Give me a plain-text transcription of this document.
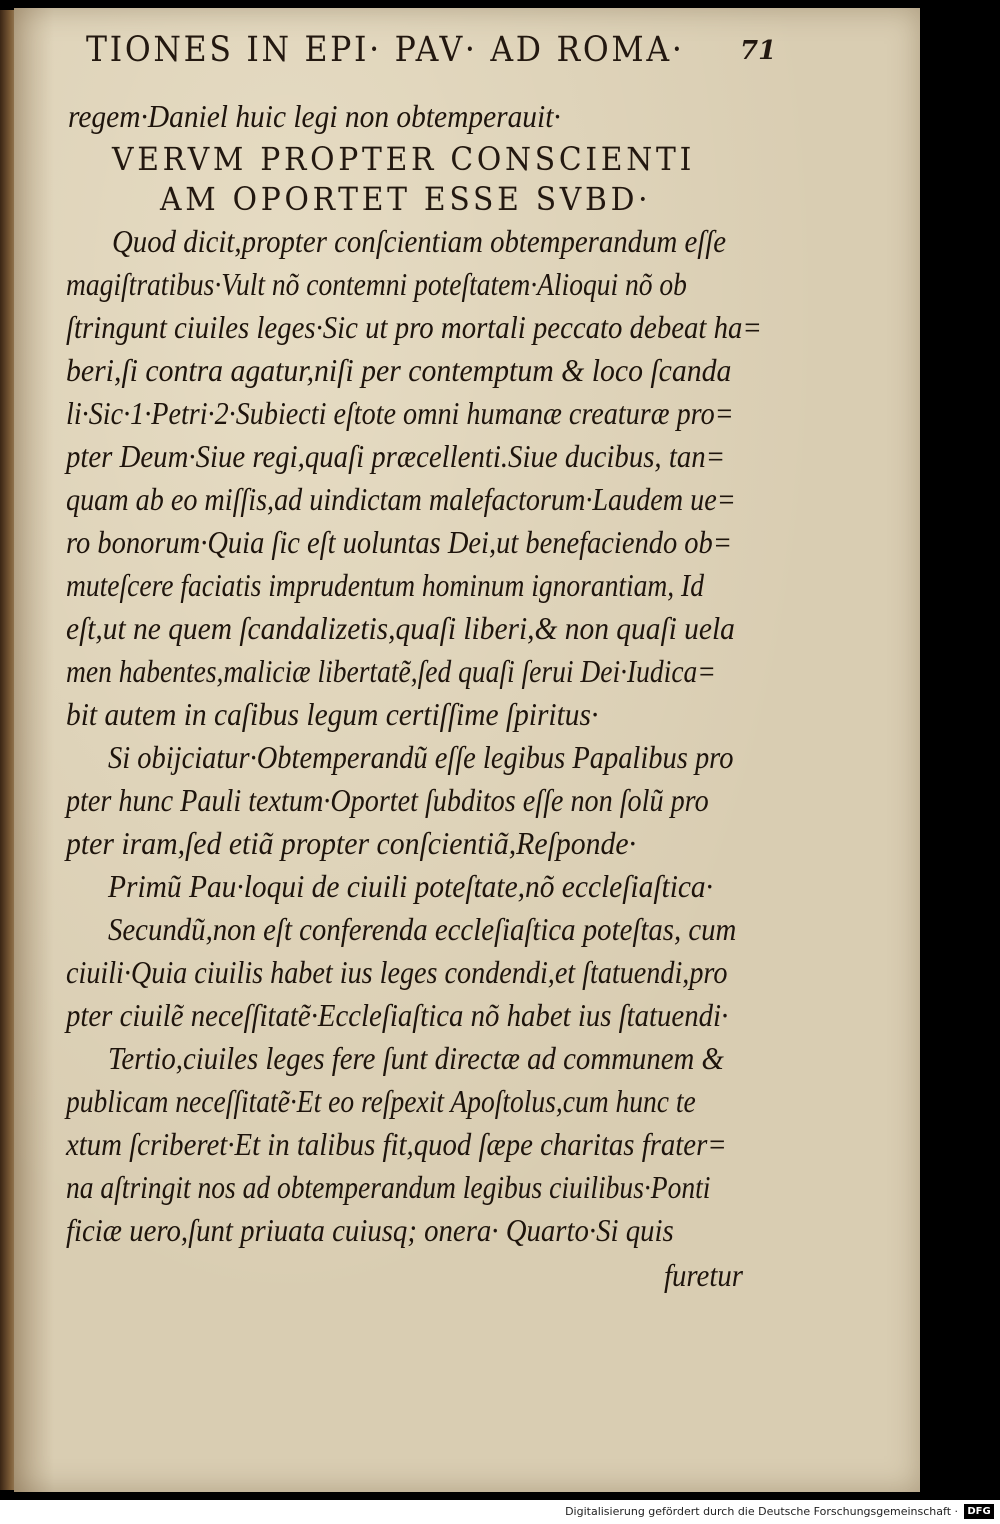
TIONES IN EPI· PAV· AD ROMA·	71
regem·Daniel huic legi non obtemperauit·
VERVM PROPTER CONSCIENTI
AM OPORTET ESSE SVBD·
Quod dicit,propter conſcientiam obtemperandum eſſe
magiſtratibus·Vult nõ contemni poteſtatem·Alioqui nõ ob
ſtringunt ciuiles leges·Sic ut pro mortali peccato debeat ha=
beri,ſi contra agatur,niſi per contemptum & loco ſcanda
li·Sic·1·Petri·2·Subiecti eſtote omni humanæ creaturæ pro=
pter Deum·Siue regi,quaſi præcellenti.Siue ducibus, tan=
quam ab eo miſſis,ad uindictam malefactorum·Laudem ue=
ro bonorum·Quia ſic eſt uoluntas Dei,ut benefaciendo ob=
muteſcere faciatis imprudentum hominum ignorantiam, Id
eſt,ut ne quem ſcandalizetis,quaſi liberi,& non quaſi uela
men habentes,maliciæ libertatẽ,ſed quaſi ſerui Dei·Iudica=
bit autem in caſibus legum certiſſime ſpiritus·
Si obijciatur·Obtemperandũ eſſe legibus Papalibus pro
pter hunc Pauli textum·Oportet ſubditos eſſe non ſolũ pro
pter iram,ſed etiã propter conſcientiã,Reſponde·
Primũ Pau·loqui de ciuili poteſtate,nõ eccleſiaſtica·
Secundũ,non eſt conferenda eccleſiaſtica poteſtas, cum
ciuili·Quia ciuilis habet ius leges condendi,et ſtatuendi,pro
pter ciuilẽ neceſſitatẽ·Eccleſiaſtica nõ habet ius ſtatuendi·
Tertio,ciuiles leges fere ſunt directæ ad communem &
publicam neceſſitatẽ·Et eo reſpexit Apoſtolus,cum hunc te
xtum ſcriberet·Et in talibus fit,quod ſæpe charitas frater=
na aſtringit nos ad obtemperandum legibus ciuilibus·Ponti
ficiæ uero,ſunt priuata cuiusq; onera· Quarto·Si quis
furetur
Digitalisierung gefördert durch die Deutsche Forschungsgemeinschaft · DFG
